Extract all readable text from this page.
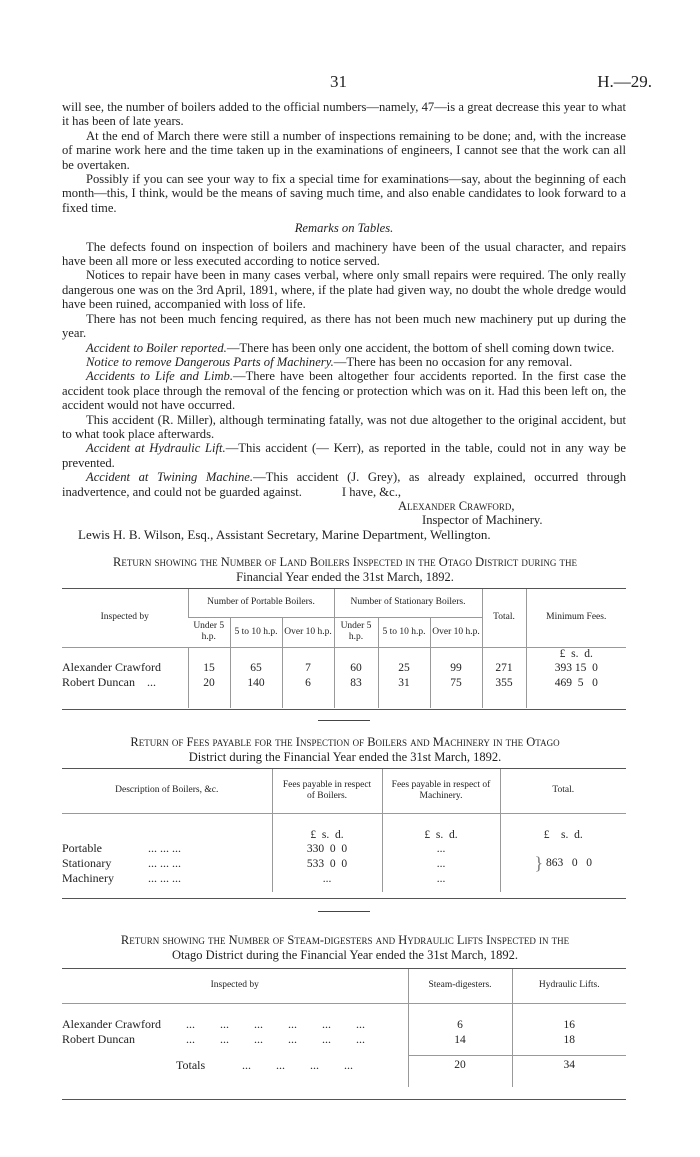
31	H.—29.

will see, the number of boilers added to the official numbers—namely, 47—is a great decrease this year to what it has been of late years.

At the end of March there were still a number of inspections remaining to be done; and, with the increase of marine work here and the time taken up in the examinations of engineers, I cannot see that the work can all be overtaken.

Possibly if you can see your way to fix a special time for examinations—say, about the beginning of each month—this, I think, would be the means of saving much time, and also enable candidates to look forward to a fixed time.

Remarks on Tables.

The defects found on inspection of boilers and machinery have been of the usual character, and repairs have been all more or less executed according to notice served.

Notices to repair have been in many cases verbal, where only small repairs were required. The only really dangerous one was on the 3rd April, 1891, where, if the plate had given way, no doubt the whole dredge would have been ruined, accompanied with loss of life.

There has not been much fencing required, as there has not been much new machinery put up during the year.

Accident to Boiler reported.—There has been only one accident, the bottom of shell coming down twice.

Notice to remove Dangerous Parts of Machinery.—There has been no occasion for any removal.

Accidents to Life and Limb.—There have been altogether four accidents reported. In the first case the accident took place through the removal of the fencing or protection which was on it. Had this been left on, the accident would not have occurred.

This accident (R. Miller), although terminating fatally, was not due altogether to the original accident, but to what took place afterwards.

Accident at Hydraulic Lift.—This accident (— Kerr), as reported in the table, could not in any way be prevented.

Accident at Twining Machine.—This accident (J. Grey), as already explained, occurred through inadvertence, and could not be guarded against.	I have, &c.,

Alexander Crawford,

Inspector of Machinery.

Lewis H. B. Wilson, Esq., Assistant Secretary, Marine Department, Wellington.

Return showing the Number of Land Boilers Inspected in the Otago District during the
Financial Year ended the 31st March, 1892.
Inspected by	Number of Portable Boilers.			Number of Stationary Boilers.			Total.	Minimum Fees.
	Under 5 h.p.	5 to 10 h.p.	Over 10 h.p.	Under 5 h.p.	5 to 10 h.p.	Over 10 h.p.		
								£ s. d.
Alexander Crawford	15	65	7	60	25	99	271	393 15 0
Robert Duncan ...	20	140	6	83	31	75	355	469 5 0

Return of Fees payable for the Inspection of Boilers and Machinery in the Otago
District during the Financial Year ended the 31st March, 1892.
Description of Boilers, &c.	Fees payable in respect of Boilers.	Fees payable in respect of Machinery.	Total.
	£ s. d.	£ s. d.	£ s. d.
Portable ... ... ...	330 0 0	...	} 863 0 0
Stationary ... ... ...	533 0 0	...	
Machinery ... ... ...	...	...	

Return showing the Number of Steam-digesters and Hydraulic Lifts Inspected in the
Otago District during the Financial Year ended the 31st March, 1892.
Inspected by	Steam-digesters.	Hydraulic Lifts.

Alexander Crawford ... ... ... ... ... ...	6	16
Robert Duncan ... ... ... ... ... ...	14	18

Totals ... ... ... ...	20	34
